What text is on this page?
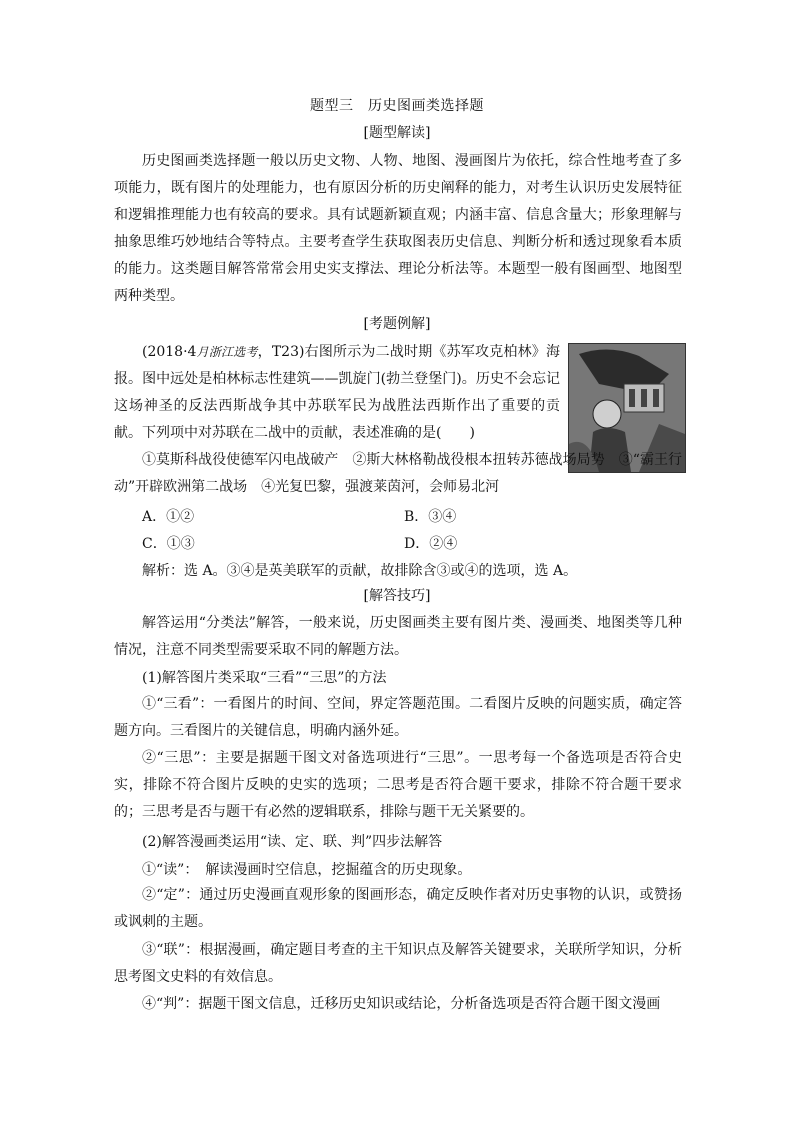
题型三　历史图画类选择题
[题型解读]
历史图画类选择题一般以历史文物、人物、地图、漫画图片为依托，综合性地考查了多项能力，既有图片的处理能力，也有原因分析的历史阐释的能力，对考生认识历史发展特征和逻辑推理能力也有较高的要求。具有试题新颖直观；内涵丰富、信息含量大；形象理解与抽象思维巧妙地结合等特点。主要考查学生获取图表历史信息、判断分析和透过现象看本质的能力。这类题目解答常常会用史实支撑法、理论分析法等。本题型一般有图画型、地图型两种类型。
[考题例解]
(2018·4月浙江选考，T23)右图所示为二战时期《苏军攻克柏林》海报。图中远处是柏林标志性建筑——凯旋门(勃兰登堡门)。历史不会忘记这场神圣的反法西斯战争其中苏联军民为战胜法西斯作出了重要的贡献。下列项中对苏联在二战中的贡献，表述准确的是(　　)
①莫斯科战役使德军闪电战破产　②斯大林格勒战役根本扭转苏德战场局势　③“霸王行动”开辟欧洲第二战场　④光复巴黎，强渡莱茵河，会师易北河
A．①②	B．③④
C．①③	D．②④
解析：选 A。③④是英美联军的贡献，故排除含③或④的选项，选 A。
[解答技巧]
解答运用“分类法”解答，一般来说，历史图画类主要有图片类、漫画类、地图类等几种情况，注意不同类型需要采取不同的解题方法。
(1)解答图片类采取“三看”“三思”的方法
①“三看”：一看图片的时间、空间，界定答题范围。二看图片反映的问题实质，确定答题方向。三看图片的关键信息，明确内涵外延。
②“三思”：主要是据题干图文对备选项进行“三思”。一思考每一个备选项是否符合史实，排除不符合图片反映的史实的选项；二思考是否符合题干要求，排除不符合题干要求的；三思考是否与题干有必然的逻辑联系，排除与题干无关紧要的。
(2)解答漫画类运用“读、定、联、判”四步法解答
①“读”：　解读漫画时空信息，挖掘蕴含的历史现象。
②“定”：通过历史漫画直观形象的图画形态，确定反映作者对历史事物的认识，或赞扬或讽刺的主题。
③“联”：根据漫画，确定题目考查的主干知识点及解答关键要求，关联所学知识，分析思考图文史料的有效信息。
④“判”：据题干图文信息，迁移历史知识或结论，分析备选项是否符合题干图文漫画
